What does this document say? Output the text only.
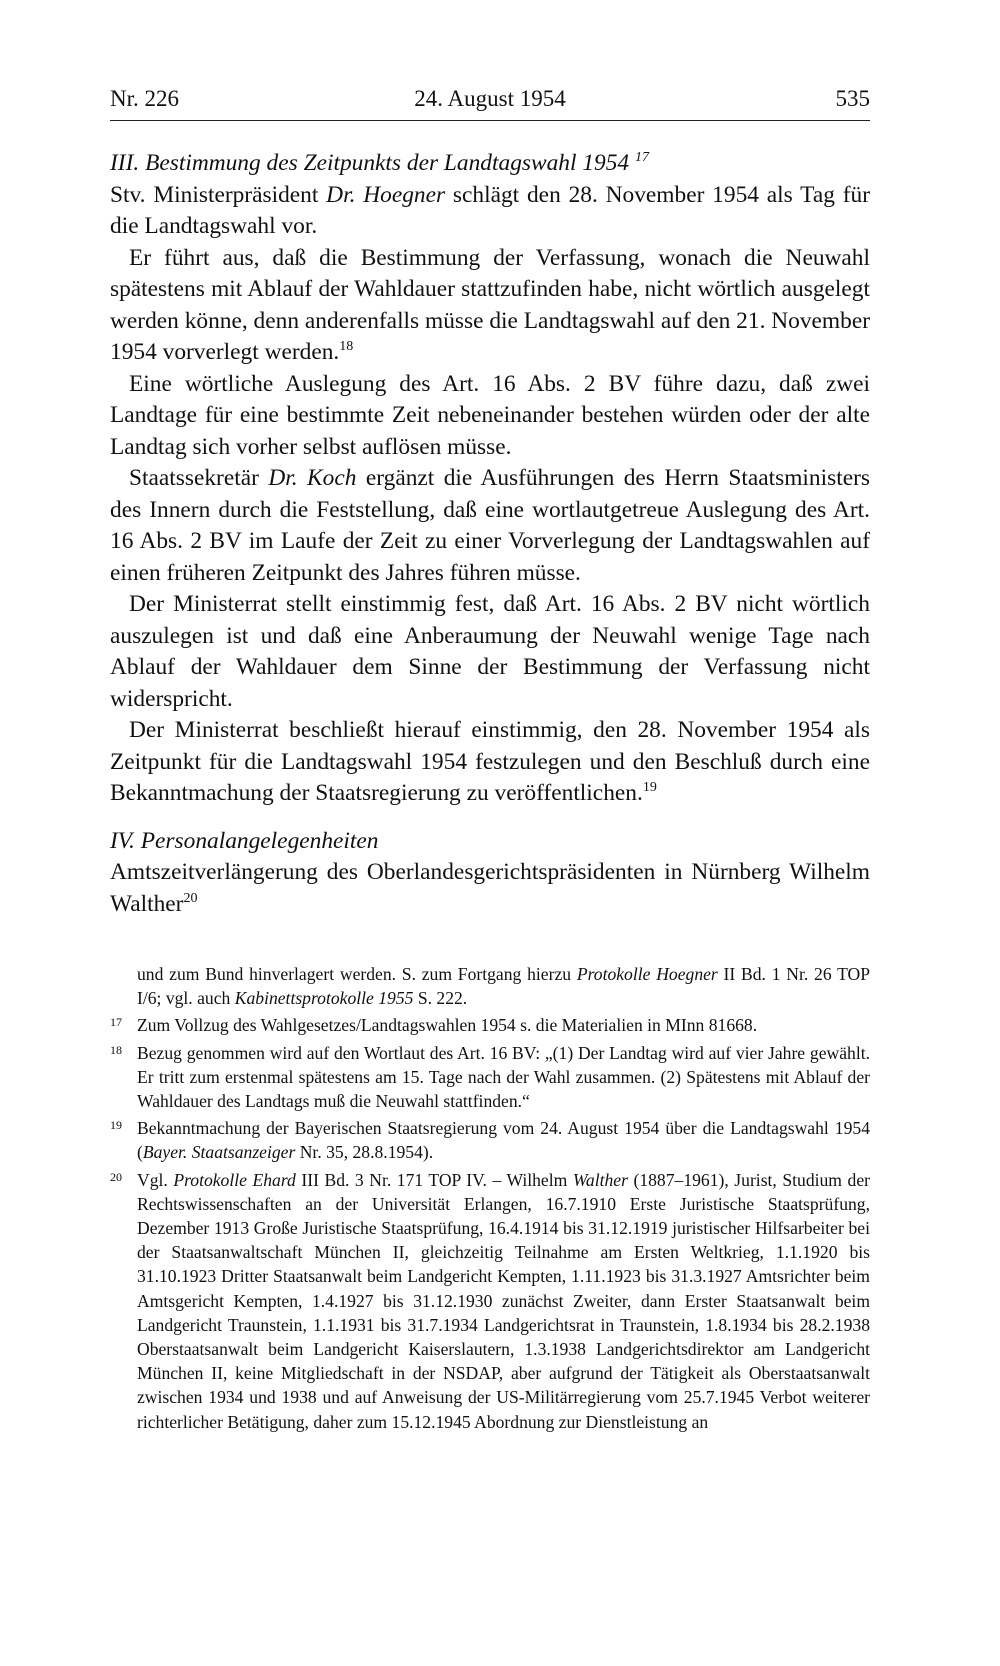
Nr. 226	24. August 1954	535
III. Bestimmung des Zeitpunkts der Landtagswahl 1954 $^{17}$

Stv. Ministerpräsident Dr. Hoegner schlägt den 28. November 1954 als Tag für die Landtagswahl vor.

Er führt aus, daß die Bestimmung der Verfassung, wonach die Neuwahl spätestens mit Ablauf der Wahldauer stattzufinden habe, nicht wörtlich ausgelegt werden könne, denn anderenfalls müsse die Landtagswahl auf den 21. November 1954 vorverlegt werden.$^{18}$

Eine wörtliche Auslegung des Art. 16 Abs. 2 BV führe dazu, daß zwei Landtage für eine bestimmte Zeit nebeneinander bestehen würden oder der alte Landtag sich vorher selbst auflösen müsse.

Staatssekretär Dr. Koch ergänzt die Ausführungen des Herrn Staatsministers des Innern durch die Feststellung, daß eine wortlautgetreue Auslegung des Art. 16 Abs. 2 BV im Laufe der Zeit zu einer Vorverlegung der Landtagswahlen auf einen früheren Zeitpunkt des Jahres führen müsse.

Der Ministerrat stellt einstimmig fest, daß Art. 16 Abs. 2 BV nicht wörtlich auszulegen ist und daß eine Anberaumung der Neuwahl wenige Tage nach Ablauf der Wahldauer dem Sinne der Bestimmung der Verfassung nicht widerspricht.

Der Ministerrat beschließt hierauf einstimmig, den 28. November 1954 als Zeitpunkt für die Landtagswahl 1954 festzulegen und den Beschluß durch eine Bekanntmachung der Staatsregierung zu veröffentlichen.$^{19}$

IV. Personalangelegenheiten

Amtszeitverlängerung des Oberlandesgerichtspräsidenten in Nürnberg Wilhelm Walther$^{20}$

und zum Bund hinverlagert werden. S. zum Fortgang hierzu Protokolle Hoegner II Bd. 1 Nr. 26 TOP I/6; vgl. auch Kabinettsprotokolle 1955 S. 222.
17 Zum Vollzug des Wahlgesetzes/Landtagswahlen 1954 s. die Materialien in MInn 81668.
18 Bezug genommen wird auf den Wortlaut des Art. 16 BV: „(1) Der Landtag wird auf vier Jahre gewählt. Er tritt zum erstenmal spätestens am 15. Tage nach der Wahl zusammen. (2) Spätestens mit Ablauf der Wahldauer des Landtags muß die Neuwahl stattfinden.“
19 Bekanntmachung der Bayerischen Staatsregierung vom 24. August 1954 über die Landtagswahl 1954 (Bayer. Staatsanzeiger Nr. 35, 28.8.1954).
20 Vgl. Protokolle Ehard III Bd. 3 Nr. 171 TOP IV. – Wilhelm Walther (1887–1961), Jurist, Studium der Rechtswissenschaften an der Universität Erlangen, 16.7.1910 Erste Juristische Staatsprüfung, Dezember 1913 Große Juristische Staatsprüfung, 16.4.1914 bis 31.12.1919 juristischer Hilfsarbeiter bei der Staatsanwaltschaft München II, gleichzeitig Teilnahme am Ersten Weltkrieg, 1.1.1920 bis 31.10.1923 Dritter Staatsanwalt beim Landgericht Kempten, 1.11.1923 bis 31.3.1927 Amtsrichter beim Amtsgericht Kempten, 1.4.1927 bis 31.12.1930 zunächst Zweiter, dann Erster Staatsanwalt beim Landgericht Traunstein, 1.1.1931 bis 31.7.1934 Landgerichtsrat in Traunstein, 1.8.1934 bis 28.2.1938 Oberstaatsanwalt beim Landgericht Kaiserslautern, 1.3.1938 Landgerichtsdirektor am Landgericht München II, keine Mitgliedschaft in der NSDAP, aber aufgrund der Tätigkeit als Oberstaatsanwalt zwischen 1934 und 1938 und auf Anweisung der US-Militärregierung vom 25.7.1945 Verbot weiterer richterlicher Betätigung, daher zum 15.12.1945 Abordnung zur Dienstleistung an
